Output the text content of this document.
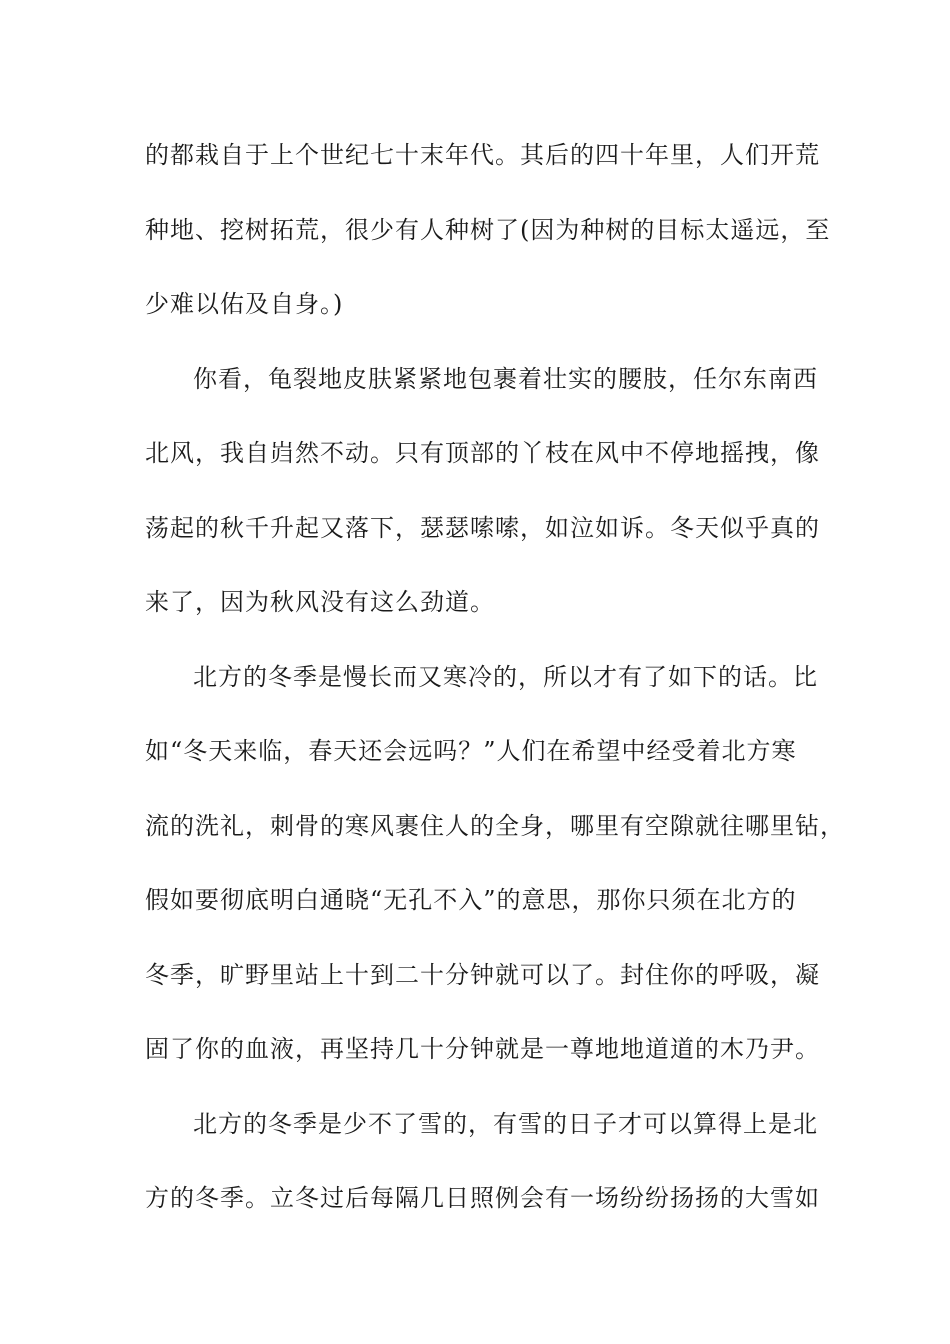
的都栽自于上个世纪七十末年代。其后的四十年里，人们开荒
种地、挖树拓荒，很少有人种树了(因为种树的目标太遥远，至
少难以佑及自身。)
你看，龟裂地皮肤紧紧地包裹着壮实的腰肢，任尔东南西
北风，我自岿然不动。只有顶部的丫枝在风中不停地摇拽，像
荡起的秋千升起又落下，瑟瑟嗦嗦，如泣如诉。冬天似乎真的
来了，因为秋风没有这么劲道。
北方的冬季是慢长而又寒冷的，所以才有了如下的话。比
如“冬天来临，春天还会远吗？”人们在希望中经受着北方寒
流的洗礼，刺骨的寒风裹住人的全身，哪里有空隙就往哪里钻，
假如要彻底明白通晓“无孔不入”的意思，那你只须在北方的
冬季，旷野里站上十到二十分钟就可以了。封住你的呼吸，凝
固了你的血液，再坚持几十分钟就是一尊地地道道的木乃尹。
北方的冬季是少不了雪的，有雪的日子才可以算得上是北
方的冬季。立冬过后每隔几日照例会有一场纷纷扬扬的大雪如
